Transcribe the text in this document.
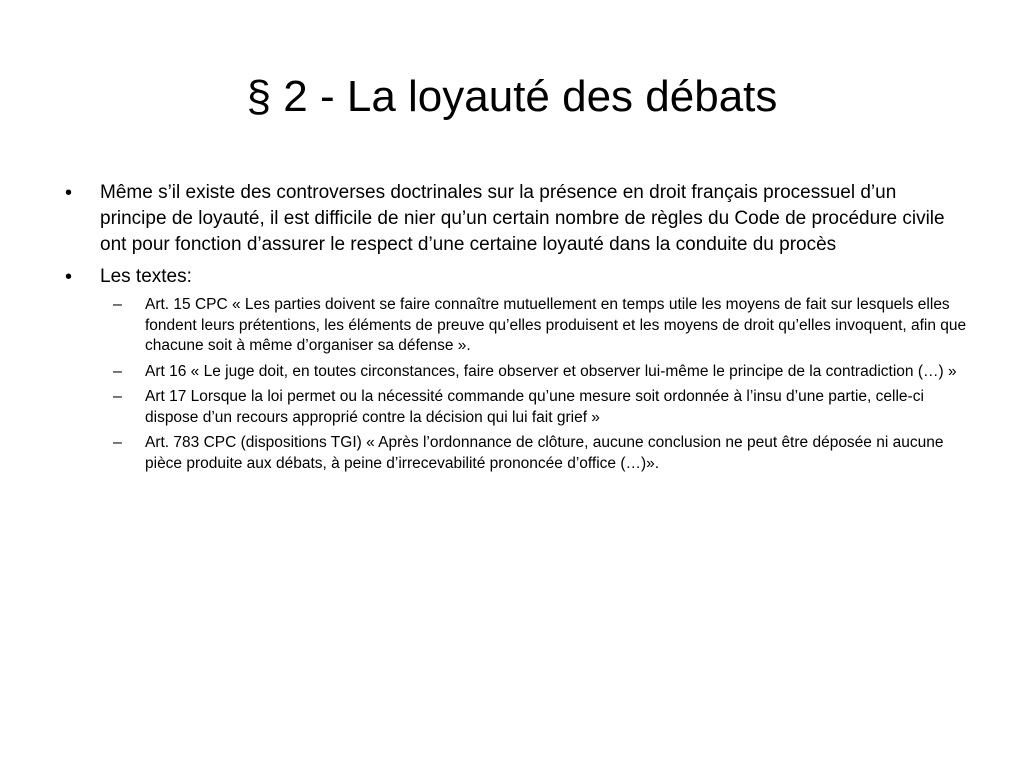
§ 2 - La loyauté des débats
• Même s’il existe des controverses doctrinales sur la présence en droit français processuel d’un principe de loyauté, il est difficile de nier qu’un certain nombre de règles du Code de procédure civile ont pour fonction d’assurer le respect d’une certaine loyauté dans la conduite du procès
• Les textes:
– Art. 15 CPC « Les parties doivent se faire connaître mutuellement en temps utile les moyens de fait sur lesquels elles fondent leurs prétentions, les éléments de preuve qu’elles produisent et les moyens de droit qu’elles invoquent, afin que chacune soit à même d’organiser sa défense ».
– Art 16 « Le juge doit, en toutes circonstances, faire observer et observer lui-même le principe de la contradiction (…) »
– Art 17 Lorsque la loi permet ou la nécessité commande qu’une mesure soit ordonnée à l’insu d’une partie, celle-ci dispose d’un recours approprié contre la décision qui lui fait grief »
– Art. 783 CPC (dispositions TGI) « Après l’ordonnance de clôture, aucune conclusion ne peut être déposée ni aucune pièce produite aux débats, à peine d’irrecevabilité prononcée d’office (…)».
